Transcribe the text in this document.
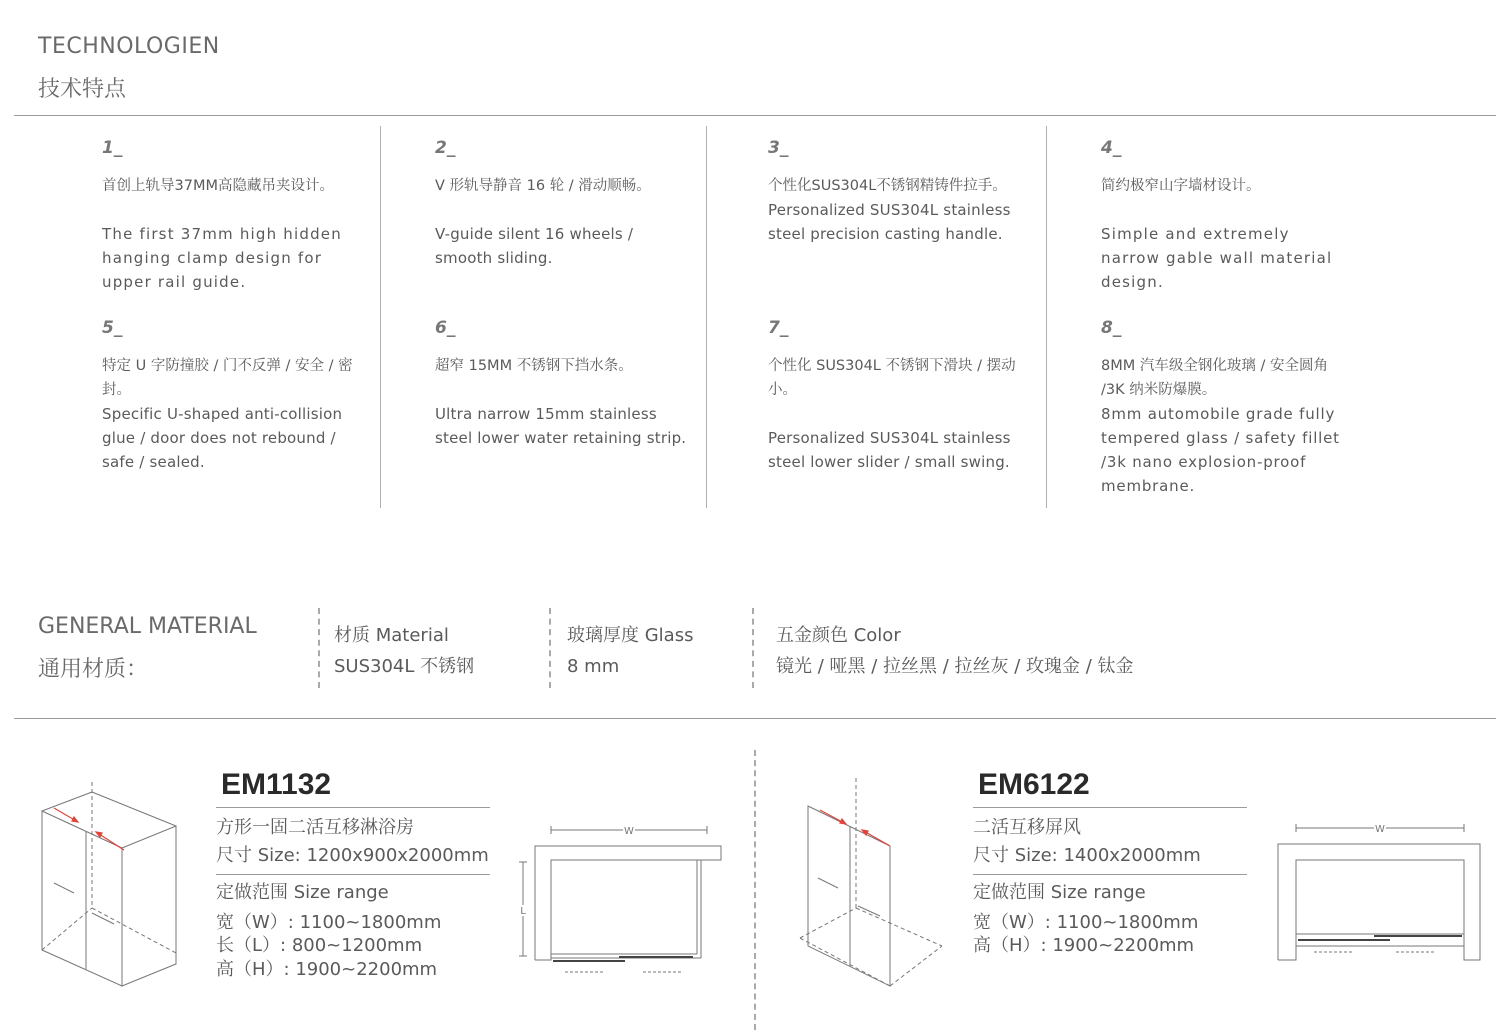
TECHNOLOGIEN
技术特点
1_
首创上轨导37MM高隐藏吊夹设计。
The first 37mm high hidden hanging clamp design for upper rail guide.
2_
V 形轨导静音 16 轮 / 滑动顺畅。
V-guide silent 16 wheels / smooth sliding.
3_
个性化SUS304L不锈钢精铸件拉手。
Personalized SUS304L stainless steel precision casting handle.
4_
简约极窄山字墙材设计。
Simple and extremely narrow gable wall material design.
5_
特定 U 字防撞胶 / 门不反弹 / 安全 / 密封。
Specific U-shaped anti-collision glue / door does not rebound / safe / sealed.
6_
超窄 15MM 不锈钢下挡水条。
Ultra narrow 15mm stainless steel lower water retaining strip.
7_
个性化 SUS304L 不锈钢下滑块 / 摆动小。
Personalized SUS304L stainless steel lower slider / small swing.
8_
8MM 汽车级全钢化玻璃 / 安全圆角 /3K 纳米防爆膜。
8mm automobile grade fully tempered glass / safety fillet /3k nano explosion-proof membrane.
GENERAL MATERIAL
通用材质：
材质 Material
SUS304L 不锈钢
玻璃厚度 Glass
8 mm
五金颜色 Color
镜光 / 哑黑 / 拉丝黑 / 拉丝灰 / 玫瑰金 / 钛金
EM1132
方形一固二活互移淋浴房
尺寸 Size: 1200x900x2000mm
定做范围 Size range
宽（W）: 1100~1800mm
长（L）: 800~1200mm
高（H）: 1900~2200mm
W
L
EM6122
二活互移屏风
尺寸 Size: 1400x2000mm
定做范围 Size range
宽（W）: 1100~1800mm
高（H）: 1900~2200mm
W
